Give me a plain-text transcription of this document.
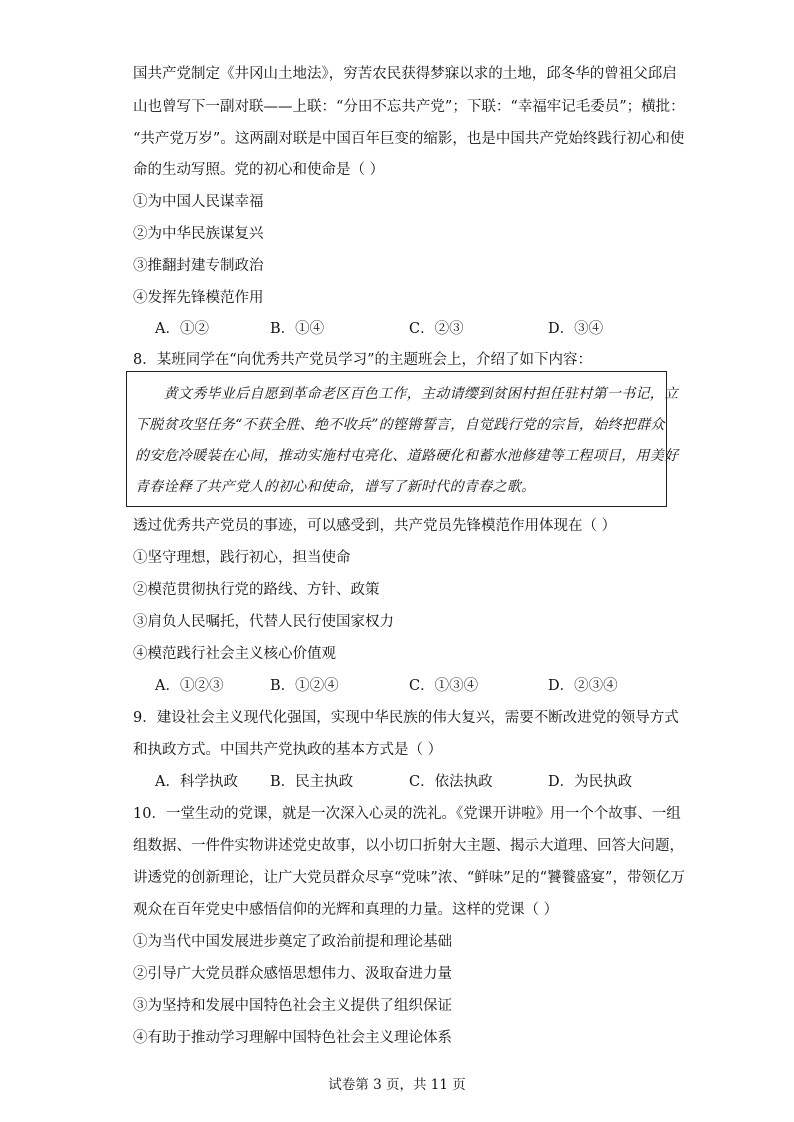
国共产党制定《井冈山土地法》，穷苦农民获得梦寐以求的土地，邱冬华的曾祖父邱启
山也曾写下一副对联——上联：“分田不忘共产党”；下联：“幸福牢记毛委员”；横批：
“共产党万岁”。这两副对联是中国百年巨变的缩影，也是中国共产党始终践行初心和使
命的生动写照。党的初心和使命是（ ）
①为中国人民谋幸福
②为中华民族谋复兴
③推翻封建专制政治
④发挥先锋模范作用
A．①②	B．①④	C．②③	D．③④
8．某班同学在“向优秀共产党员学习”的主题班会上，介绍了如下内容：
　　黄文秀毕业后自愿到革命老区百色工作，主动请缨到贫困村担任驻村第一书记，立
下脱贫攻坚任务“不获全胜、绝不收兵”的铿锵誓言，自觉践行党的宗旨，始终把群众
的安危冷暖装在心间，推动实施村屯亮化、道路硬化和蓄水池修建等工程项目，用美好
青春诠释了共产党人的初心和使命，谱写了新时代的青春之歌。
透过优秀共产党员的事迹，可以感受到，共产党员先锋模范作用体现在（ ）
①坚守理想，践行初心，担当使命
②模范贯彻执行党的路线、方针、政策
③肩负人民嘱托，代替人民行使国家权力
④模范践行社会主义核心价值观
A．①②③	B．①②④	C．①③④	D．②③④
9．建设社会主义现代化强国，实现中华民族的伟大复兴，需要不断改进党的领导方式
和执政方式。中国共产党执政的基本方式是（ ）
A．科学执政 B．民主执政	C．依法执政	D．为民执政
10．一堂生动的党课，就是一次深入心灵的洗礼。《党课开讲啦》用一个个故事、一组
组数据、一件件实物讲述党史故事，以小切口折射大主题、揭示大道理、回答大问题，
讲透党的创新理论，让广大党员群众尽享“党味”浓、“鲜味”足的“饕餮盛宴”，带领亿万
观众在百年党史中感悟信仰的光辉和真理的力量。这样的党课（ ）
①为当代中国发展进步奠定了政治前提和理论基础
②引导广大党员群众感悟思想伟力、汲取奋进力量
③为坚持和发展中国特色社会主义提供了组织保证
④有助于推动学习理解中国特色社会主义理论体系
试卷第 3 页，共 11 页
